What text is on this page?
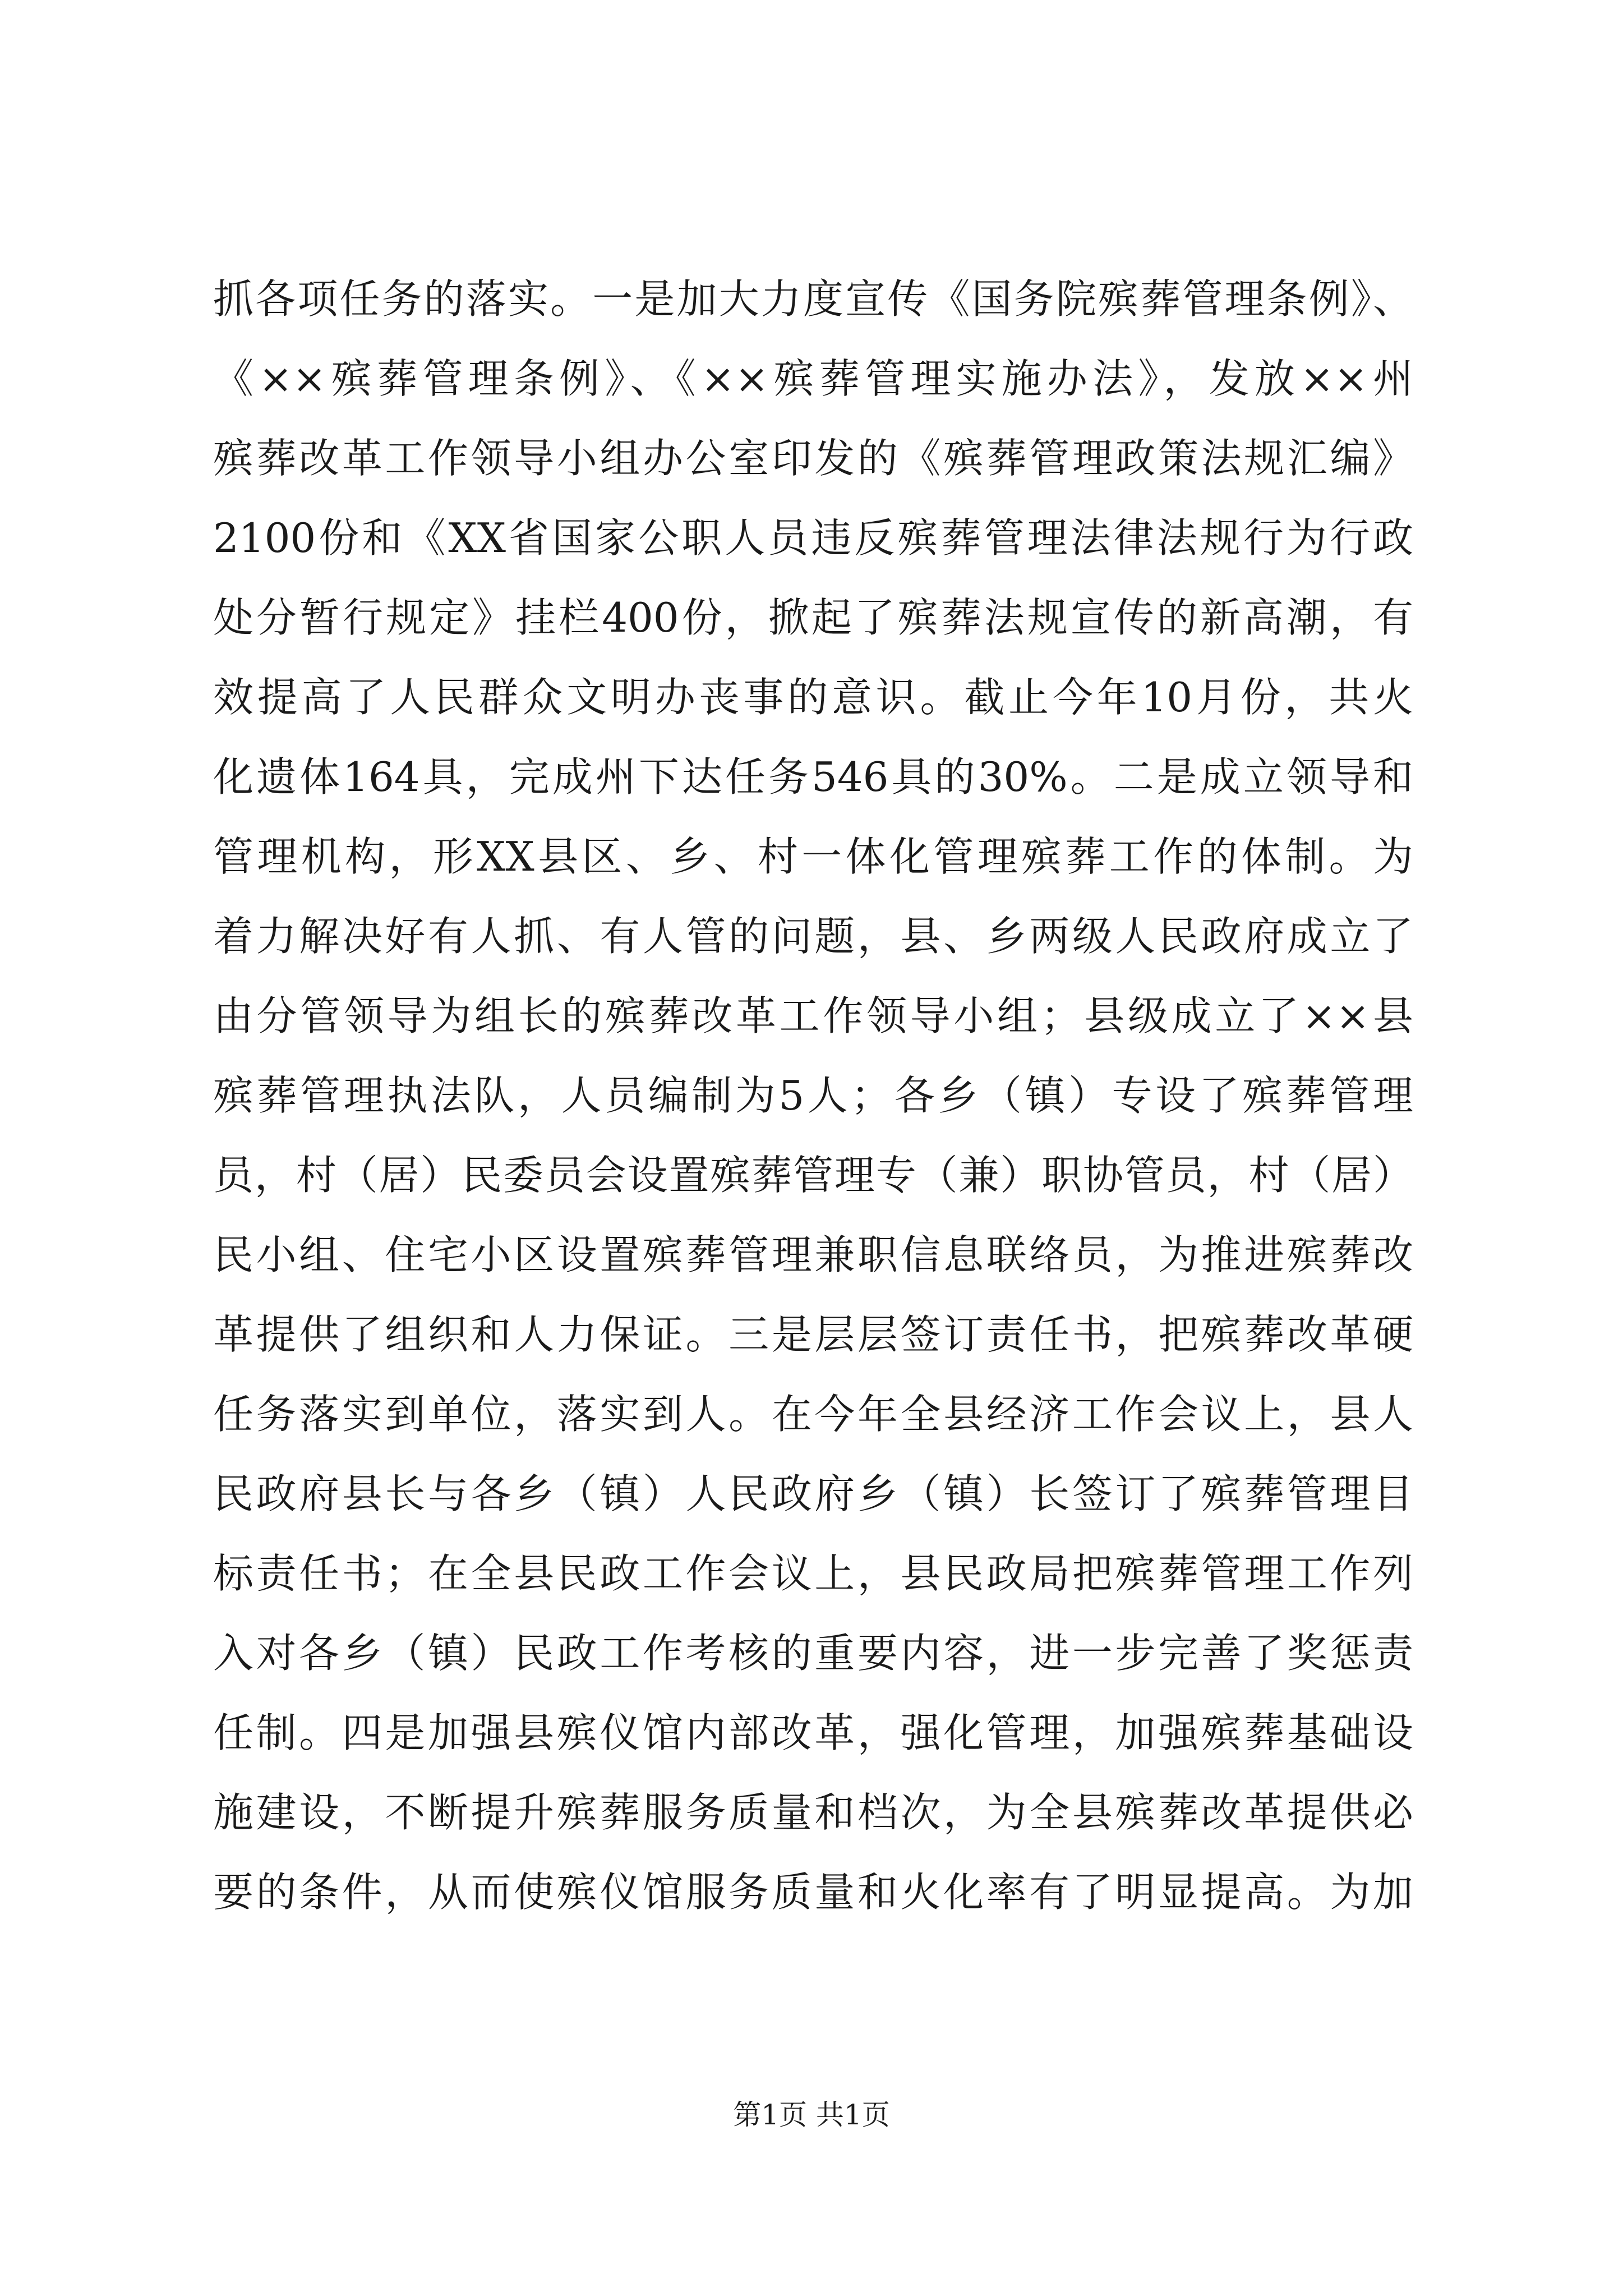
抓各项任务的落实。一是加大力度宣传《国务院殡葬管理条例》、
《××殡葬管理条例》、《××殡葬管理实施办法》，发放××州
殡葬改革工作领导小组办公室印发的《殡葬管理政策法规汇编》
2100份和《XX省国家公职人员违反殡葬管理法律法规行为行政
处分暂行规定》挂栏400份，掀起了殡葬法规宣传的新高潮，有
效提高了人民群众文明办丧事的意识。截止今年10月份，共火
化遗体164具，完成州下达任务546具的30%。二是成立领导和
管理机构，形XX县区、乡、村一体化管理殡葬工作的体制。为
着力解决好有人抓、有人管的问题，县、乡两级人民政府成立了
由分管领导为组长的殡葬改革工作领导小组；县级成立了××县
殡葬管理执法队，人员编制为5人；各乡（镇）专设了殡葬管理
员，村（居）民委员会设置殡葬管理专（兼）职协管员，村（居）
民小组、住宅小区设置殡葬管理兼职信息联络员，为推进殡葬改
革提供了组织和人力保证。三是层层签订责任书，把殡葬改革硬
任务落实到单位，落实到人。在今年全县经济工作会议上，县人
民政府县长与各乡（镇）人民政府乡（镇）长签订了殡葬管理目
标责任书；在全县民政工作会议上，县民政局把殡葬管理工作列
入对各乡（镇）民政工作考核的重要内容，进一步完善了奖惩责
任制。四是加强县殡仪馆内部改革，强化管理，加强殡葬基础设
施建设，不断提升殡葬服务质量和档次，为全县殡葬改革提供必
要的条件，从而使殡仪馆服务质量和火化率有了明显提高。为加
第1页 共1页
